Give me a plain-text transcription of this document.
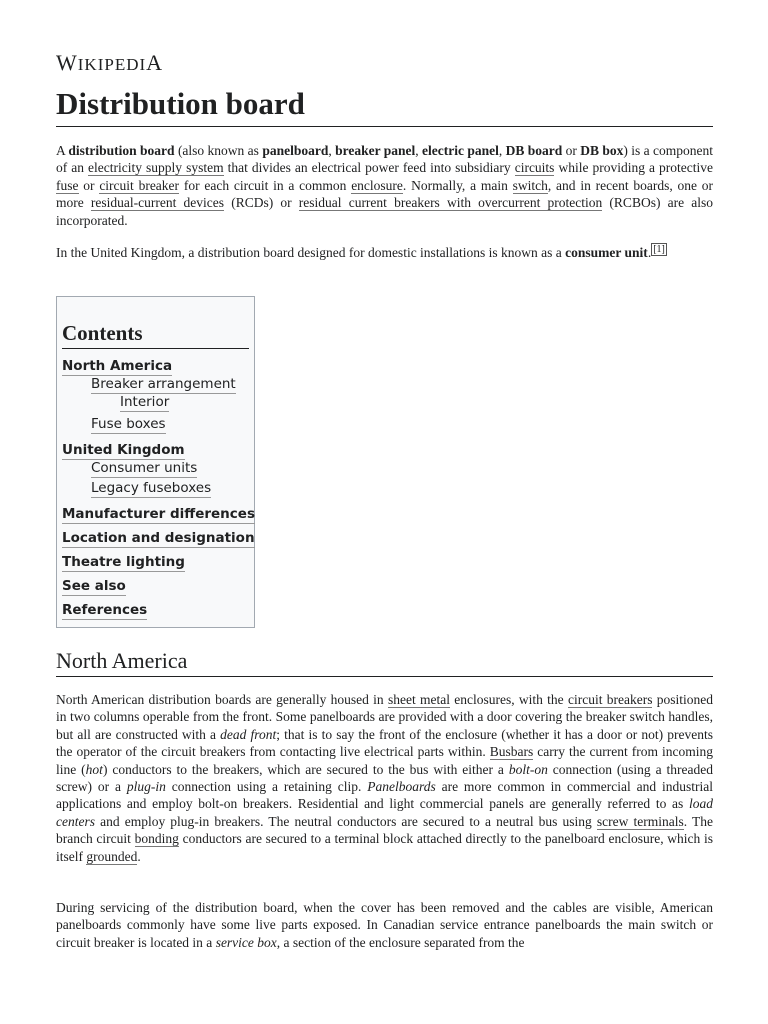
WIKIPEDIA
Distribution board

A distribution board (also known as panelboard, breaker panel, electric panel, DB board or DB box) is a component of an electricity supply system that divides an electrical power feed into subsidiary circuits while providing a protective fuse or circuit breaker for each circuit in a common enclosure. Normally, a main switch, and in recent boards, one or more residual-current devices (RCDs) or residual current breakers with overcurrent protection (RCBOs) are also incorporated.

In the United Kingdom, a distribution board designed for domestic installations is known as a consumer unit. [1]

Contents
North America
Breaker arrangement
Interior
Fuse boxes
United Kingdom
Consumer units
Legacy fuseboxes
Manufacturer differences
Location and designation
Theatre lighting
See also
References
North America

North American distribution boards are generally housed in sheet metal enclosures, with the circuit breakers positioned in two columns operable from the front. Some panelboards are provided with a door covering the breaker switch handles, but all are constructed with a dead front; that is to say the front of the enclosure (whether it has a door or not) prevents the operator of the circuit breakers from contacting live electrical parts within. Busbars carry the current from incoming line (hot) conductors to the breakers, which are secured to the bus with either a bolt-on connection (using a threaded screw) or a plug-in connection using a retaining clip. Panelboards are more common in commercial and industrial applications and employ bolt-on breakers. Residential and light commercial panels are generally referred to as load centers and employ plug-in breakers. The neutral conductors are secured to a neutral bus using screw terminals. The branch circuit bonding conductors are secured to a terminal block attached directly to the panelboard enclosure, which is itself grounded.

During servicing of the distribution board, when the cover has been removed and the cables are visible, American panelboards commonly have some live parts exposed. In Canadian service entrance panelboards the main switch or circuit breaker is located in a service box, a section of the enclosure separated from the
